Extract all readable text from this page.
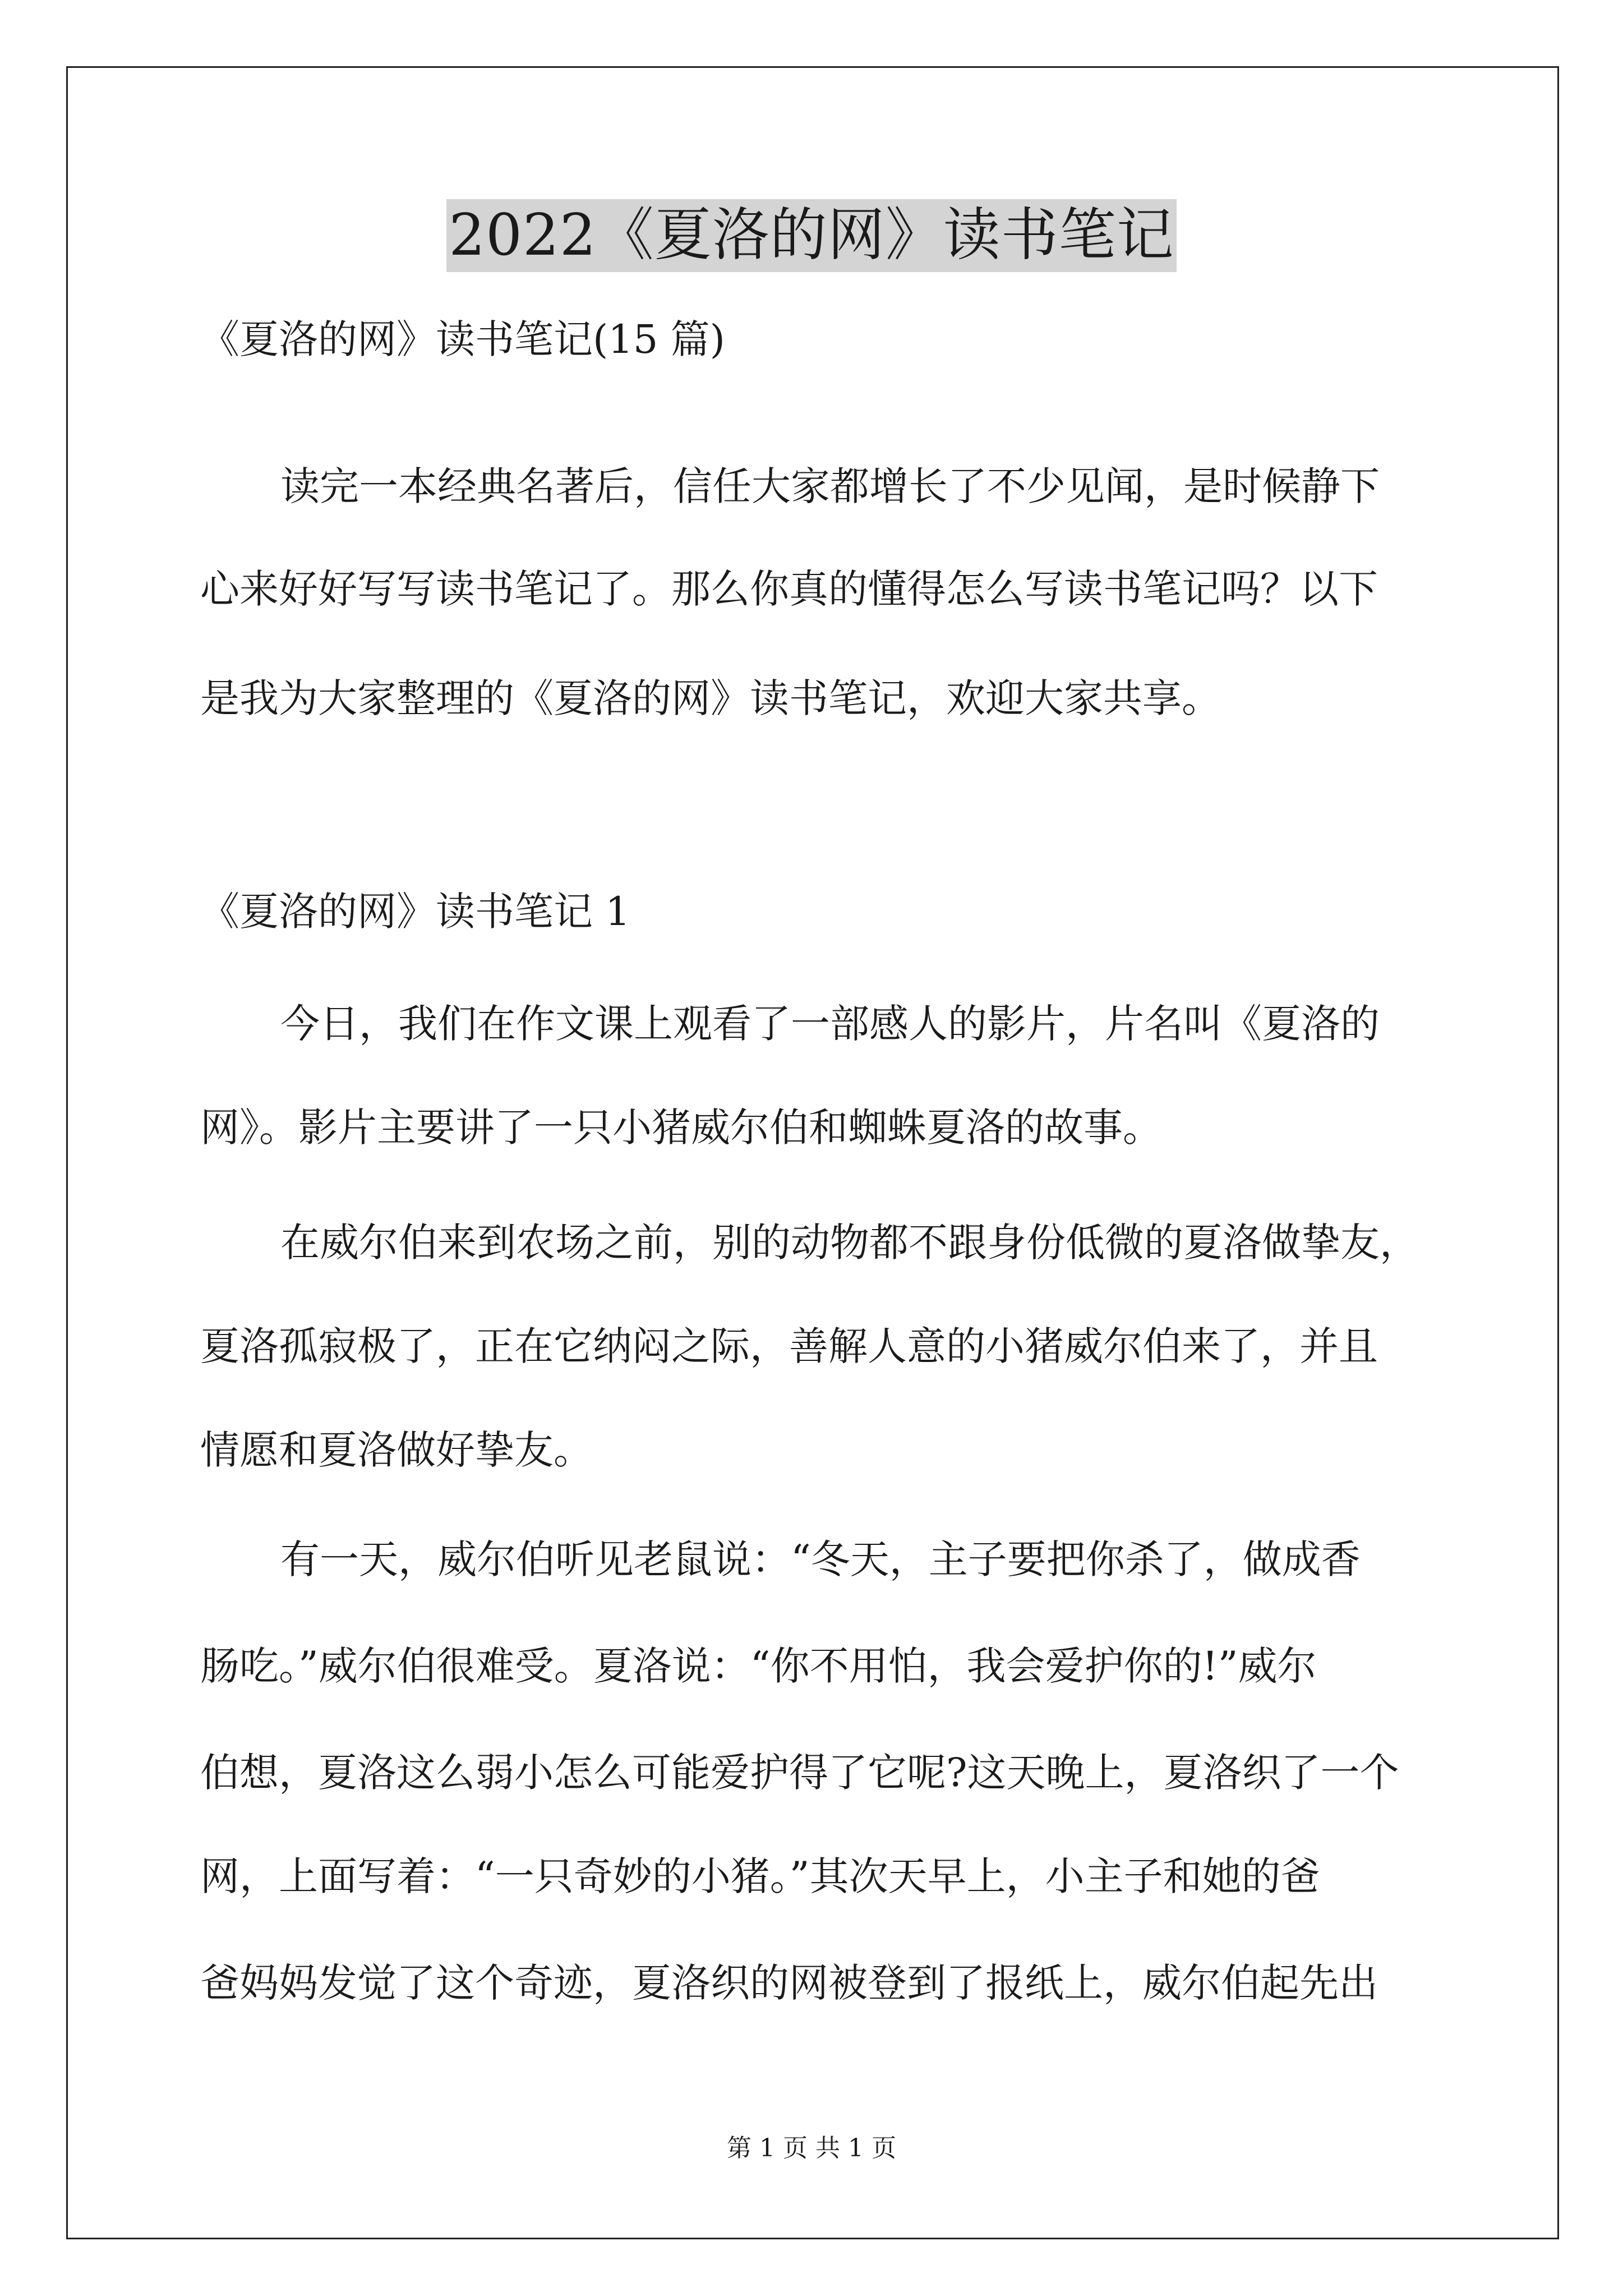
2022《夏洛的网》读书笔记
《夏洛的网》读书笔记(15 篇)
读完一本经典名著后，信任大家都增长了不少见闻，是时候静下
心来好好写写读书笔记了。那么你真的懂得怎么写读书笔记吗？以下
是我为大家整理的《夏洛的网》读书笔记，欢迎大家共享。
《夏洛的网》读书笔记 1
今日，我们在作文课上观看了一部感人的影片，片名叫《夏洛的
网》。影片主要讲了一只小猪威尔伯和蜘蛛夏洛的故事。
在威尔伯来到农场之前，别的动物都不跟身份低微的夏洛做挚友，
夏洛孤寂极了，正在它纳闷之际，善解人意的小猪威尔伯来了，并且
情愿和夏洛做好挚友。
有一天，威尔伯听见老鼠说：“冬天，主子要把你杀了，做成香
肠吃。”威尔伯很难受。夏洛说：“你不用怕，我会爱护你的!”威尔
伯想，夏洛这么弱小怎么可能爱护得了它呢?这天晚上，夏洛织了一个
网，上面写着：“一只奇妙的小猪。”其次天早上，小主子和她的爸
爸妈妈发觉了这个奇迹，夏洛织的网被登到了报纸上，威尔伯起先出
第 1 页 共 1 页
